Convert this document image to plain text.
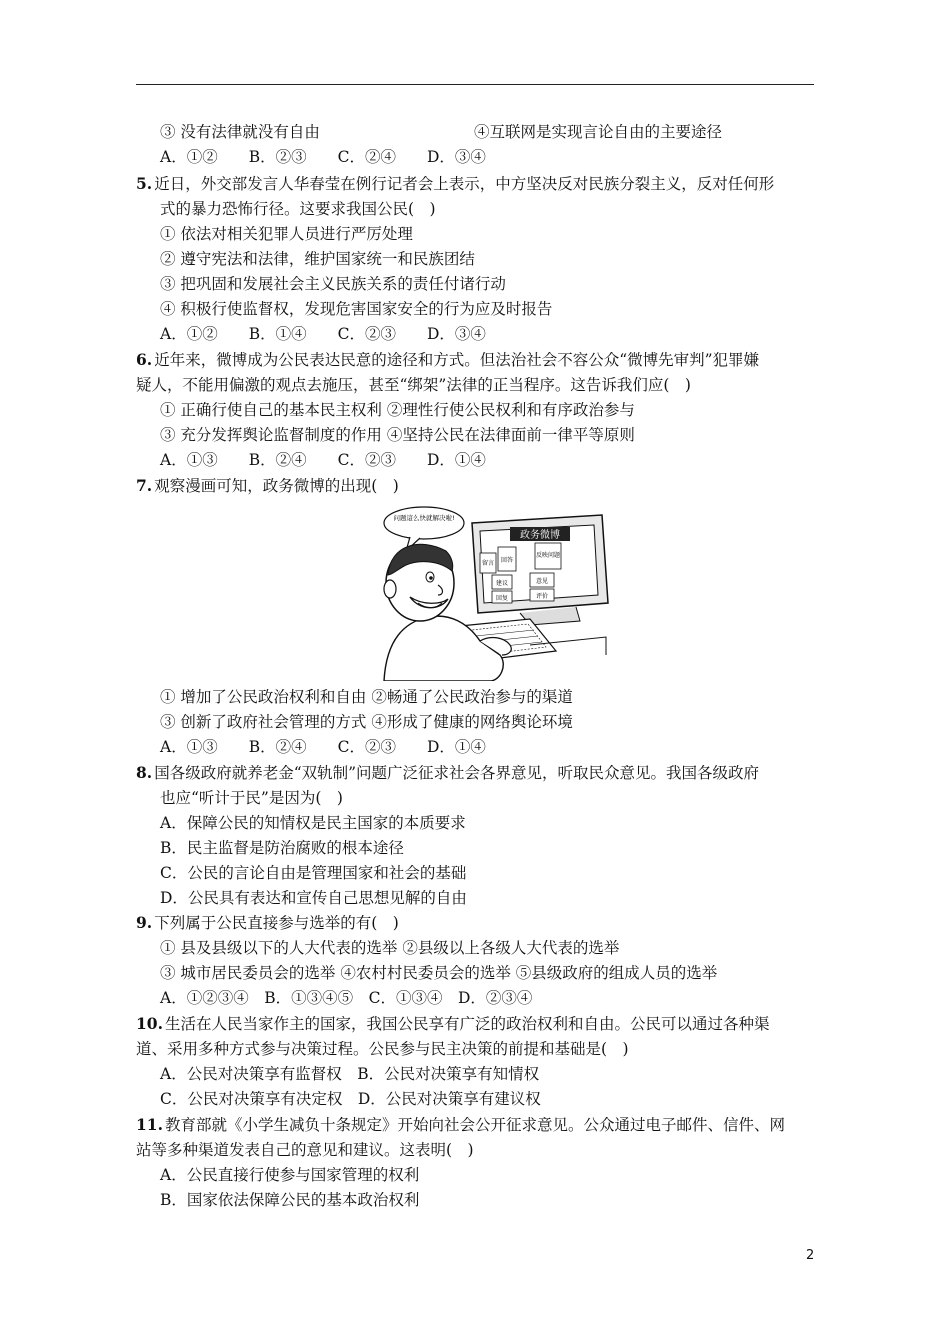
③ 没有法律就没有自由	④互联网是实现言论自由的主要途径
A．①②　　B．②③　　C．②④　　D．③④
5. 近日，外交部发言人华春莹在例行记者会上表示，中方坚决反对民族分裂主义，反对任何形
式的暴力恐怖行径。这要求我国公民(　)
① 依法对相关犯罪人员进行严厉处理
② 遵守宪法和法律，维护国家统一和民族团结
③ 把巩固和发展社会主义民族关系的责任付诸行动
④ 积极行使监督权，发现危害国家安全的行为应及时报告
A．①②　　B．①④　　C．②③　　D．③④
6. 近年来，微博成为公民表达民意的途径和方式。但法治社会不容公众“微博先审判”犯罪嫌
疑人，不能用偏激的观点去施压，甚至“绑架”法律的正当程序。这告诉我们应(　)
① 正确行使自己的基本民主权利 ②理性行使公民权利和有序政治参与
③ 充分发挥舆论监督制度的作用 ④坚持公民在法律面前一律平等原则
A．①③　　B．②④　　C．②③　　D．①④
7. 观察漫画可知，政务微博的出现(　)
问题這么快就解决啦!
政务微博
回答
反映问题
留言
建议	意见
回复	评价
① 增加了公民政治权利和自由 ②畅通了公民政治参与的渠道
③ 创新了政府社会管理的方式 ④形成了健康的网络舆论环境
A．①③　　B．②④　　C．②③　　D．①④
8. 国各级政府就养老金“双轨制”问题广泛征求社会各界意见，听取民众意见。我国各级政府
也应“听计于民”是因为(　)
A．保障公民的知情权是民主国家的本质要求
B．民主监督是防治腐败的根本途径
C．公民的言论自由是管理国家和社会的基础
D．公民具有表达和宣传自己思想见解的自由
9. 下列属于公民直接参与选举的有(　)
① 县及县级以下的人大代表的选举 ②县级以上各级人大代表的选举
③ 城市居民委员会的选举 ④农村村民委员会的选举 ⑤县级政府的组成人员的选举
A．①②③④　B．①③④⑤　C．①③④　D．②③④
10. 生活在人民当家作主的国家，我国公民享有广泛的政治权利和自由。公民可以通过各种渠
道、采用多种方式参与决策过程。公民参与民主决策的前提和基础是(　)
A．公民对决策享有监督权　B．公民对决策享有知情权
C．公民对决策享有决定权　D．公民对决策享有建议权
11. 教育部就《小学生减负十条规定》开始向社会公开征求意见。公众通过电子邮件、信件、网
站等多种渠道发表自己的意见和建议。这表明(　)
A．公民直接行使参与国家管理的权利
B．国家依法保障公民的基本政治权利
2
